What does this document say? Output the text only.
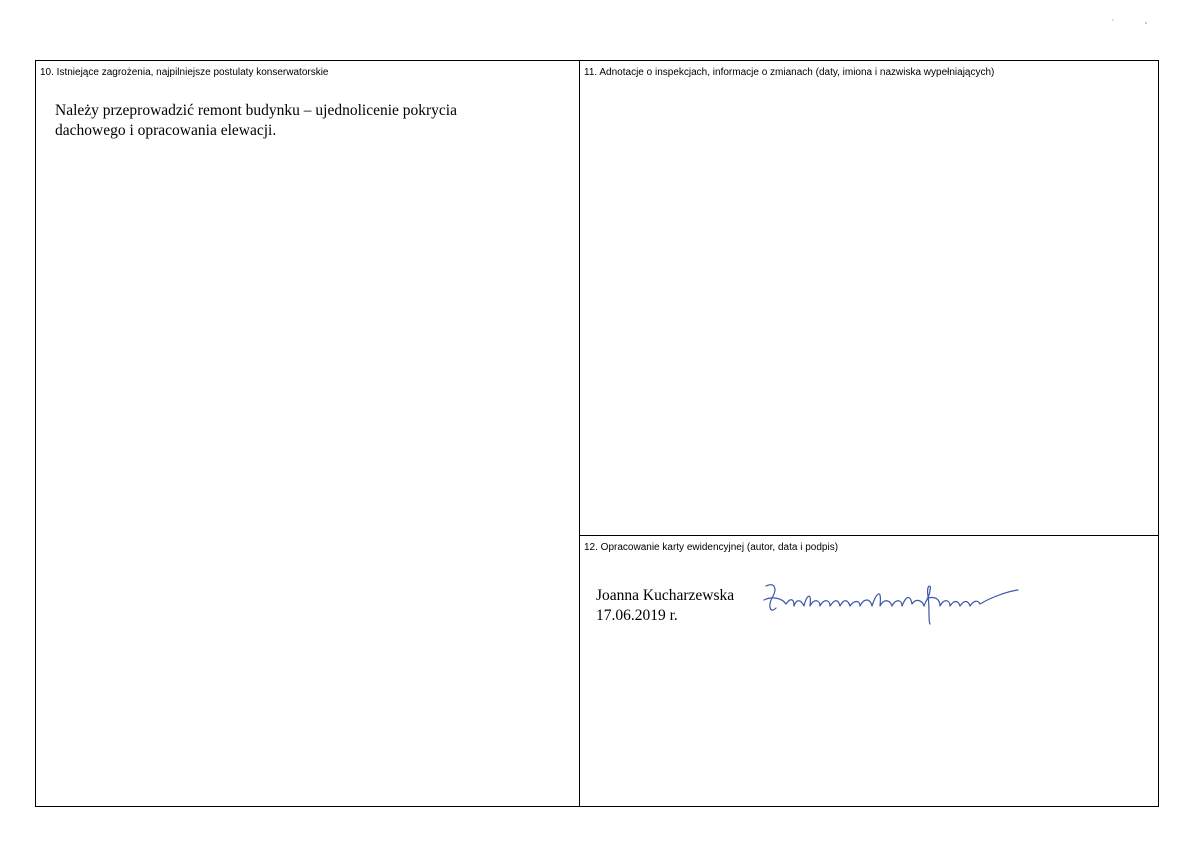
10. Istniejące zagrożenia, najpilniejsze postulaty konserwatorskie
Należy przeprowadzić remont budynku – ujednolicenie pokrycia dachowego i opracowania elewacji.
11. Adnotacje o inspekcjach, informacje o zmianach (daty, imiona i nazwiska wypełniających)
12. Opracowanie karty ewidencyjnej (autor, data i podpis)
Joanna Kucharzewska
17.06.2019 r.
